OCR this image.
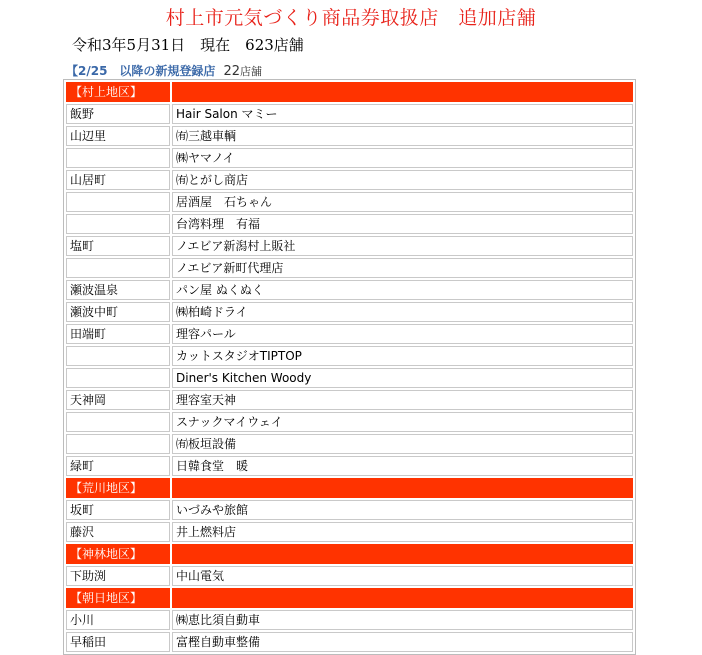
村上市元気づくり商品券取扱店　追加店舗
令和3年5月31日　現在　623店舗
【2/25　以降の新規登録店 22店舗
【村上地区】	
飯野	Hair Salon マミー
山辺里	㈲三越車輌
	㈱ヤマノイ
山居町	㈲とがし商店
	居酒屋　石ちゃん
	台湾料理　有福
塩町	ノエビア新潟村上販社
	ノエビア新町代理店
瀬波温泉	パン屋 ぬくぬく
瀬波中町	㈱柏崎ドライ
田端町	理容パール
	カットスタジオTIPTOP
	Diner's Kitchen Woody
天神岡	理容室天神
	スナックマイウェイ
	㈲板垣設備
緑町	日韓食堂　暖
【荒川地区】	
坂町	いづみや旅館
藤沢	井上燃料店
【神林地区】	
下助渕	中山電気
【朝日地区】	
小川	㈱恵比須自動車
早稲田	富樫自動車整備
